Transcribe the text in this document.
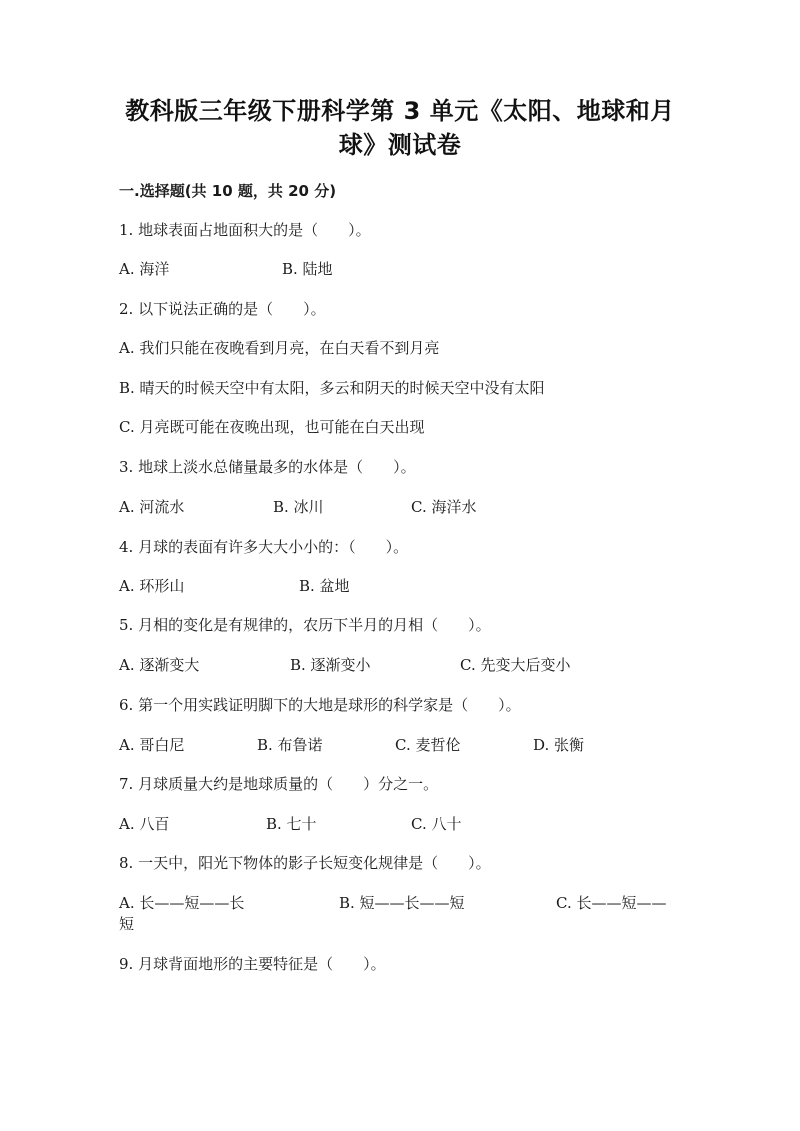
教科版三年级下册科学第 3 单元《太阳、地球和月
球》测试卷
一.选择题(共 10 题，共 20 分)
1. 地球表面占地面积大的是（　　）。
A. 海洋	B. 陆地
2. 以下说法正确的是（　　）。
A. 我们只能在夜晚看到月亮，在白天看不到月亮
B. 晴天的时候天空中有太阳，多云和阴天的时候天空中没有太阳
C. 月亮既可能在夜晚出现，也可能在白天出现
3. 地球上淡水总储量最多的水体是（　　）。
A. 河流水	B. 冰川	C. 海洋水
4. 月球的表面有许多大大小小的：（　　）。
A. 环形山	B. 盆地
5. 月相的变化是有规律的，农历下半月的月相（　　）。
A. 逐渐变大	B. 逐渐变小	C. 先变大后变小
6. 第一个用实践证明脚下的大地是球形的科学家是（　　）。
A. 哥白尼	B. 布鲁诺	C. 麦哲伦	D. 张衡
7. 月球质量大约是地球质量的（　　）分之一。
A. 八百	B. 七十	C. 八十
8. 一天中，阳光下物体的影子长短变化规律是（　　）。
A. 长——短——长	B. 短——长——短	C. 长——短——
短
9. 月球背面地形的主要特征是（　　）。
